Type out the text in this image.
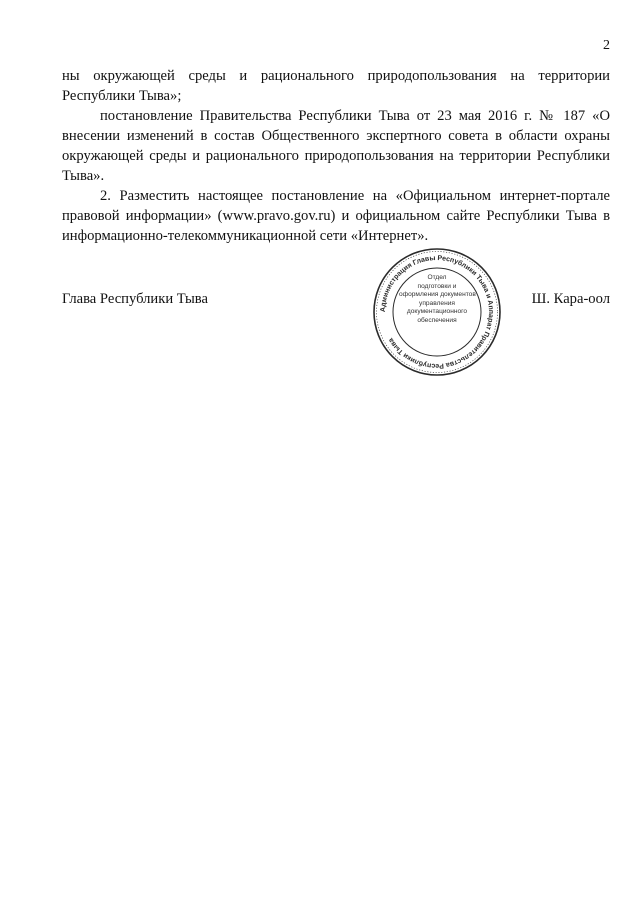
2

ны окружающей среды и рационального природопользования на территории Республики Тыва»;

постановление Правительства Республики Тыва от 23 мая 2016 г. № 187 «О внесении изменений в состав Общественного экспертного совета в области охраны окружающей среды и рационального природопользования на территории Республики Тыва».

2. Разместить настоящее постановление на «Официальном интернет-портале правовой информации» (www.pravo.gov.ru) и официальном сайте Республики Тыва в информационно-телекоммуникационной сети «Интернет».

Глава Республики Тыва	Ш. Кара-оол
Администрация Главы Республики Тыва и Аппарат Правительства Республики Тыва
Отдел
подготовки и
оформления документов
управления
документационного
обеспечения
